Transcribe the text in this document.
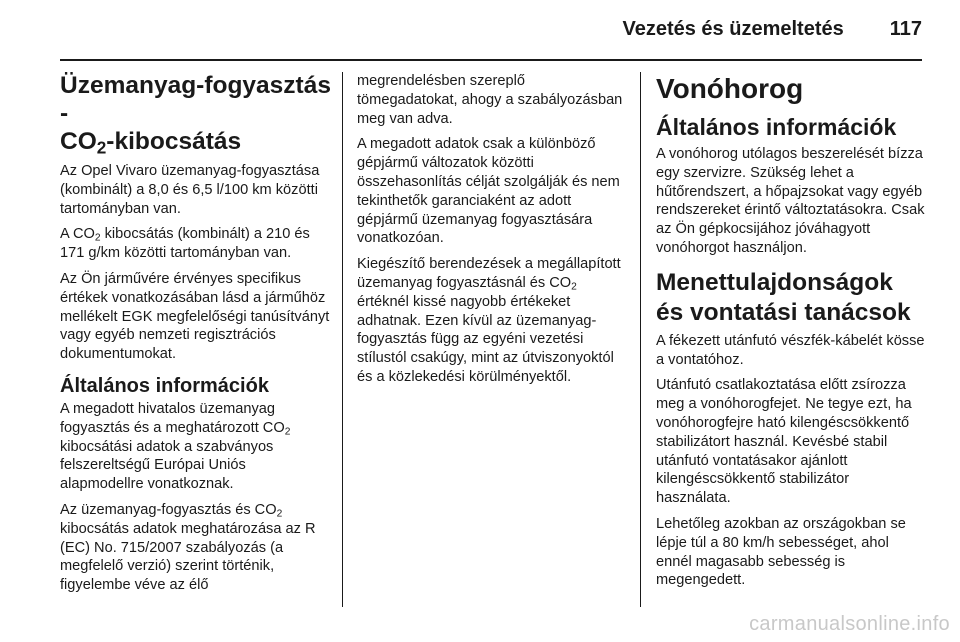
Vezetés és üzemeltetés 117
Üzemanyag-fogyasztás -
$CO_2$-kibocsátás

Az Opel Vivaro üzemanyag-fogyasztása (kombinált) a 8,0 és 6,5 l/100 km közötti tartományban van.

A $CO_2$ kibocsátás (kombinált) a 210 és 171 g/km közötti tartományban van.

Az Ön járművére érvényes specifikus értékek vonatkozásában lásd a járműhöz mellékelt EGK megfelelőségi tanúsítványt vagy egyéb nemzeti regisztrációs dokumentumokat.

Általános információk

A megadott hivatalos üzemanyag fogyasztás és a meghatározott $CO_2$ kibocsátási adatok a szabványos felszereltségű Európai Uniós alapmodellre vonatkoznak.

Az üzemanyag-fogyasztás és $CO_2$ kibocsátás adatok meghatározása az R (EC) No. 715/2007 szabályozás (a megfelelő verzió) szerint történik, figyelembe véve az élő

megrendelésben szereplő tömegadatokat, ahogy a szabályozásban meg van adva.

A megadott adatok csak a különböző gépjármű változatok közötti összehasonlítás célját szolgálják és nem tekinthetők garanciaként az adott gépjármű üzemanyag fogyasztására vonatkozóan.

Kiegészítő berendezések a megállapított üzemanyag fogyasztásnál és $CO_2$ értéknél kissé nagyobb értékeket adhatnak. Ezen kívül az üzemanyag-fogyasztás függ az egyéni vezetési stílustól csakúgy, mint az útviszonyoktól és a közlekedési körülményektől.

Vonóhorog
Általános információk

A vonóhorog utólagos beszerelését bízza egy szervizre. Szükség lehet a hűtőrendszert, a hőpajzsokat vagy egyéb rendszereket érintő változtatásokra. Csak az Ön gépkocsijához jóváhagyott vonóhorgot használjon.

Menettulajdonságok és vontatási tanácsok

A fékezett utánfutó vészfék-kábelét kösse a vontatóhoz.

Utánfutó csatlakoztatása előtt zsírozza meg a vonóhorogfejet. Ne tegye ezt, ha vonóhorogfejre ható kilengéscsökkentő stabilizátort használ. Kevésbé stabil utánfutó vontatásakor ajánlott kilengéscsökkentő stabilizátor használata.

Lehetőleg azokban az országokban se lépje túl a 80 km/h sebességet, ahol ennél magasabb sebesség is megengedett.

carmanualsonline.info
